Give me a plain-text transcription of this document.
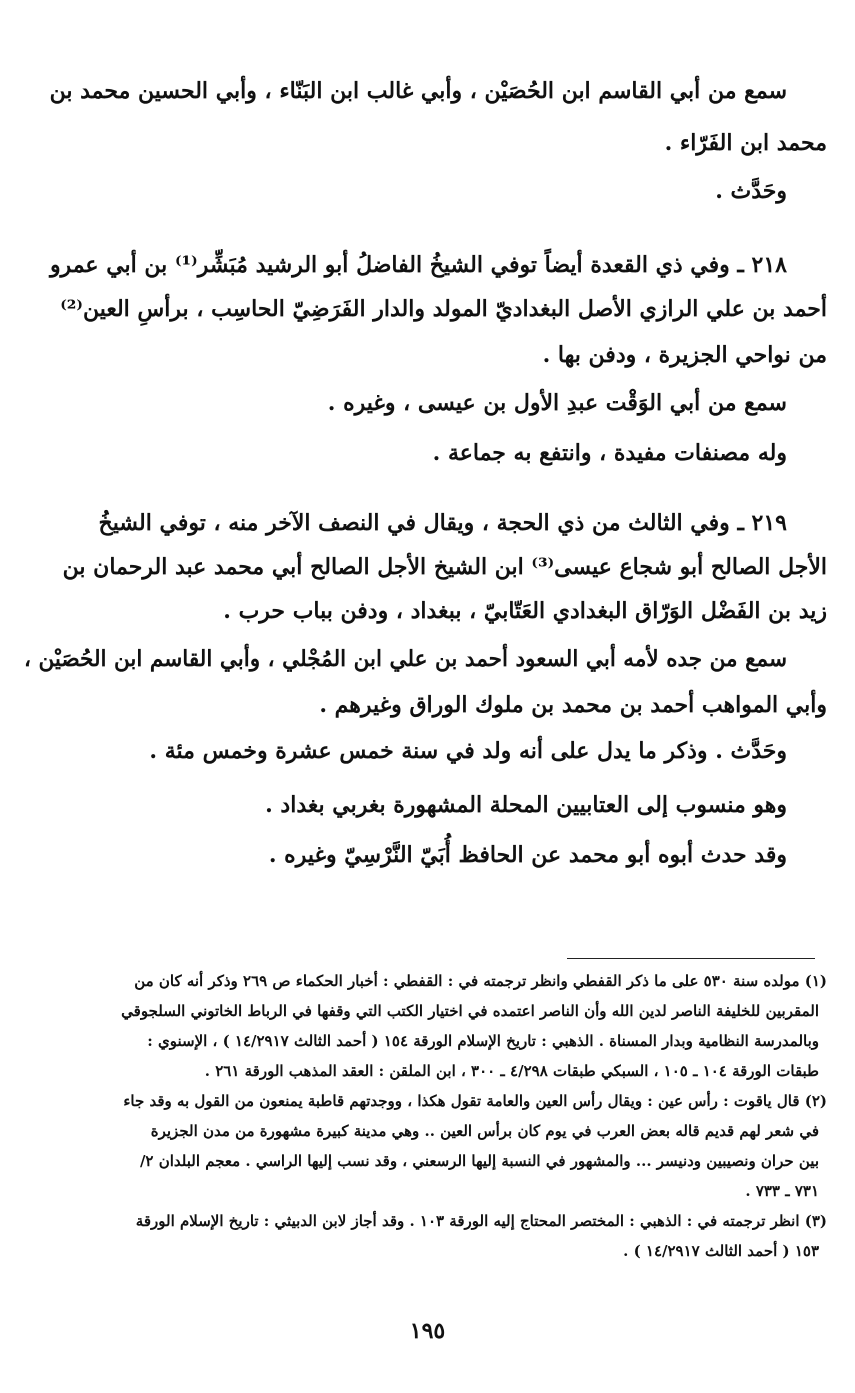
سمع من أبي القاسم ابن الحُصَيْن ، وأبي غالب ابن البَنّاء ، وأبي الحسين محمد بن
محمد ابن الفَرّاء .
وحَدَّث .
٢١٨ ـ وفي ذي القعدة أيضاً توفي الشيخُ الفاضلُ أبو الرشيد مُبَشِّر⁽¹⁾ بن أبي عمرو
أحمد بن علي الرازي الأصل البغداديّ المولد والدار الفَرَضِيّ الحاسِب ، برأسِ العين⁽²⁾
من نواحي الجزيرة ، ودفن بها .
سمع من أبي الوَقْت عبدِ الأول بن عيسى ، وغيره .
وله مصنفات مفيدة ، وانتفع به جماعة .
٢١٩ ـ وفي الثالث من ذي الحجة ، ويقال في النصف الآخر منه ، توفي الشيخُ
الأجل الصالح أبو شجاع عيسى⁽³⁾ ابن الشيخ الأجل الصالح أبي محمد عبد الرحمان بن
زيد بن الفَضْل الوَرّاق البغدادي العَتّابيّ ، ببغداد ، ودفن بباب حرب .
سمع من جده لأمه أبي السعود أحمد بن علي ابن المُجْلي ، وأبي القاسم ابن الحُصَيْن ،
وأبي المواهب أحمد بن محمد بن ملوك الوراق وغيرهم .
وحَدَّث . وذكر ما يدل على أنه ولد في سنة خمس عشرة وخمس مئة .
وهو منسوب إلى العتابيين المحلة المشهورة بغربي بغداد .
وقد حدث أبوه أبو محمد عن الحافظ أُبَيّ النَّرْسِيّ وغيره .
(١) مولده سنة ٥٣٠ على ما ذكر القفطي وانظر ترجمته في : القفطي : أخبار الحكماء ص ٢٦٩ وذكر أنه كان من
المقربين للخليفة الناصر لدين الله وأن الناصر اعتمده في اختيار الكتب التي وقفها في الرباط الخاتوني السلجوقي
وبالمدرسة النظامية وبدار المسناة . الذهبي : تاريخ الإسلام الورقة ١٥٤ ( أحمد الثالث ١٤/٢٩١٧ ) ، الإسنوي :
طبقات الورقة ١٠٤ ـ ١٠٥ ، السبكي طبقات ٤/٢٩٨ ـ ٣٠٠ ، ابن الملقن : العقد المذهب الورقة ٢٦١ .
(٢) قال ياقوت : رأس عين : ويقال رأس العين والعامة تقول هكذا ، ووجدتهم قاطبة يمنعون من القول به وقد جاء
في شعر لهم قديم قاله بعض العرب في يوم كان برأس العين .. وهي مدينة كبيرة مشهورة من مدن الجزيرة
بين حران ونصيبين ودنيسر ... والمشهور في النسبة إليها الرسعني ، وقد نسب إليها الراسي . معجم البلدان ٢/
٧٣١ ـ ٧٣٣ .
(٣) انظر ترجمته في : الذهبي : المختصر المحتاج إليه الورقة ١٠٣ . وقد أجاز لابن الدبيثي : تاريخ الإسلام الورقة
١٥٣ ( أحمد الثالث ١٤/٢٩١٧ ) .
١٩٥
